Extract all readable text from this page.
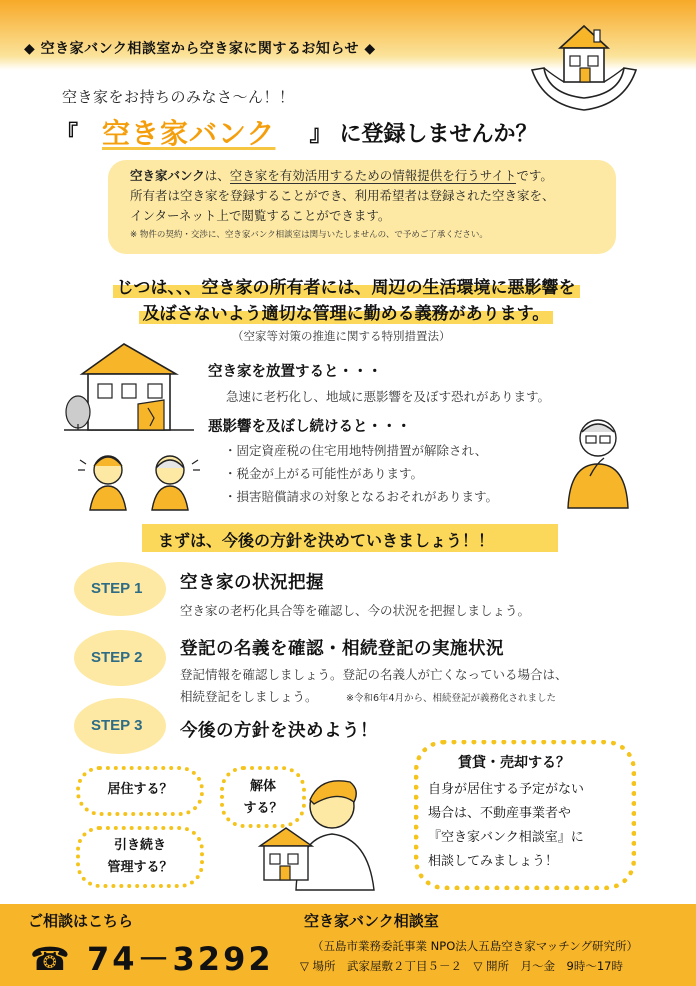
◆ 空き家バンク相談室から空き家に関するお知らせ ◆
空き家をお持ちのみなさ～ん！！
『 空き家バンク 』 に登録しませんか？
空き家バンクは、空き家を有効活用するための情報提供を行うサイトです。
所有者は空き家を登録することができ、利用希望者は登録された空き家を、
インターネット上で閲覧することができます。
※ 物件の契約・交渉に、空き家バンク相談室は関与いたしませんの、で予めご了承ください。
じつは、、、空き家の所有者には、周辺の生活環境に悪影響を
及ぼさないよう適切な管理に勤める義務があります。
（空家等対策の推進に関する特別措置法）
空き家を放置すると・・・
急速に老朽化し、地域に悪影響を及ぼす恐れがあります。
悪影響を及ぼし続けると・・・
・固定資産税の住宅用地特例措置が解除され、
・税金が上がる可能性があります。
・損害賠償請求の対象となるおそれがあります。
まずは、今後の方針を決めていきましょう！！
STEP 1 空き家の状況把握
空き家の老朽化具合等を確認し、今の状況を把握しましょう。
STEP 2 登記の名義を確認・相続登記の実施状況
登記情報を確認しましょう。登記の名義人が亡くなっている場合は、
相続登記をしましょう。	※令和6年4月から、相続登記が義務化されました
STEP 3 今後の方針を決めよう！
居住する？	解体
する？
引き続き
管理する？
賃貸・売却する？
自身が居住する予定がない
場合は、不動産事業者や
『空き家バンク相談室』に
相談してみましょう！
ご相談はこちら
☎ 74－3292
空き家バンク相談室
（五島市業務委託事業 NPO法人五島空き家マッチング研究所）
▽ 場所　武家屋敷２丁目５－２　▽ 開所　月～金　9時～17時
